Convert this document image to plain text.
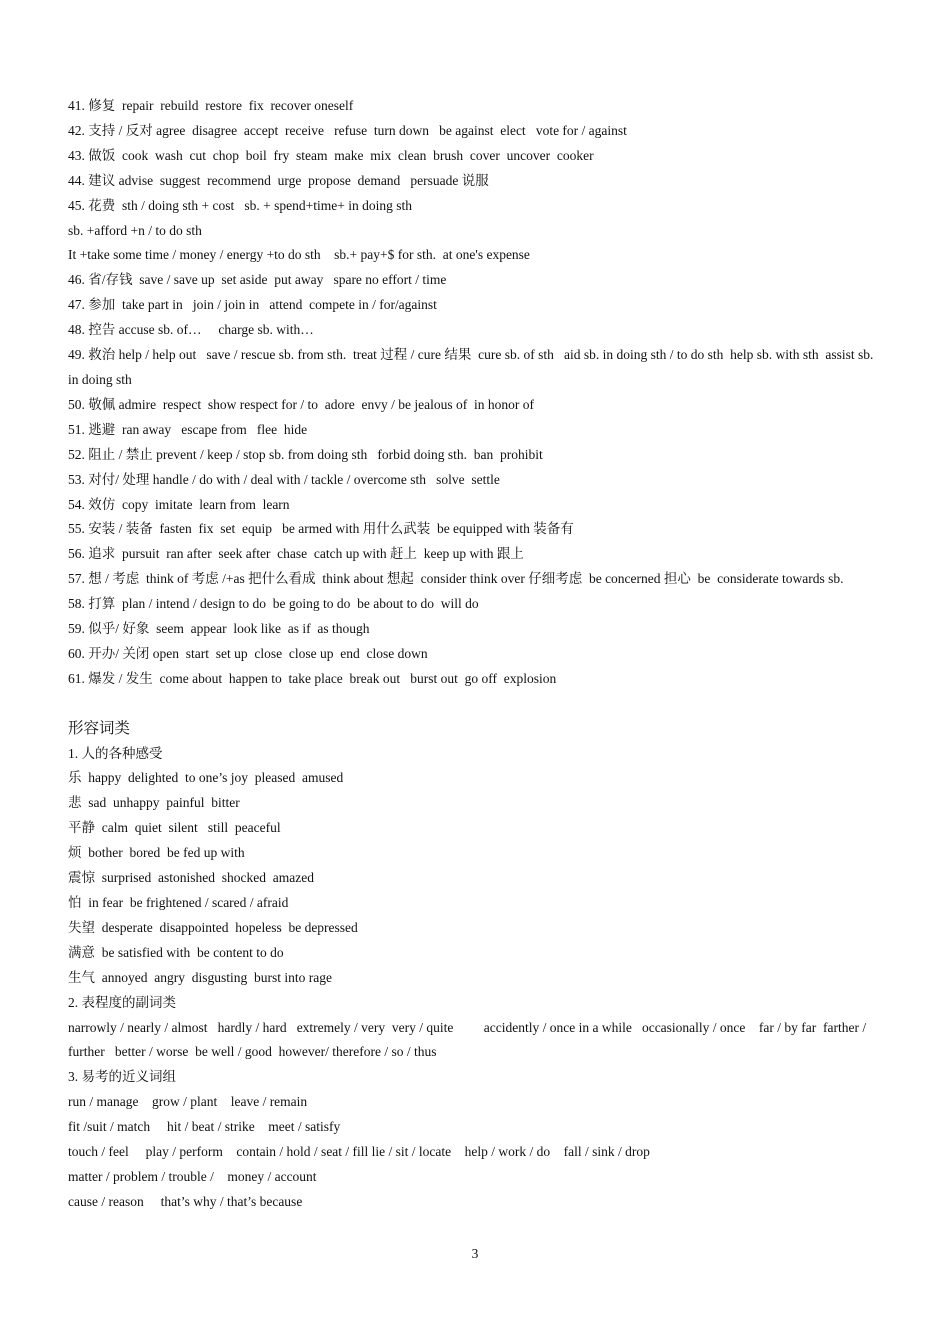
41. 修复  repair  rebuild  restore  fix  recover oneself
42. 支持 / 反对 agree  disagree  accept  receive   refuse  turn down   be against  elect   vote for / against
43. 做饭  cook  wash  cut  chop  boil  fry  steam  make  mix  clean  brush  cover  uncover  cooker
44. 建议 advise  suggest  recommend  urge  propose  demand   persuade 说服
45. 花费  sth / doing sth + cost   sb. + spend+time+ in doing sth
sb. +afford +n / to do sth
It +take some time / money / energy +to do sth    sb.+ pay+$ for sth.  at one's expense
46. 省/存钱  save / save up  set aside  put away   spare no effort / time
47. 参加  take part in   join / join in   attend  compete in / for/against
48. 控告 accuse sb. of…     charge sb. with…
49. 救治 help / help out   save / rescue sb. from sth.  treat 过程 / cure 结果  cure sb. of sth   aid sb. in doing sth / to do sth  help sb. with sth  assist sb. in doing sth
50. 敬佩 admire  respect  show respect for / to  adore  envy / be jealous of  in honor of
51. 逃避  ran away   escape from   flee  hide
52. 阻止 / 禁止 prevent / keep / stop sb. from doing sth   forbid doing sth.  ban  prohibit
53. 对付/ 处理 handle / do with / deal with / tackle / overcome sth   solve  settle
54. 效仿  copy  imitate  learn from  learn
55. 安装 / 装备  fasten  fix  set  equip   be armed with 用什么武装  be equipped with 装备有
56. 追求  pursuit  ran after  seek after  chase  catch up with 赶上  keep up with 跟上
57. 想 / 考虑  think of 考虑 /+as 把什么看成  think about 想起  consider think over 仔细考虑  be concerned 担心  be  considerate towards sb.
58. 打算  plan / intend / design to do  be going to do  be about to do  will do
59. 似乎/ 好象  seem  appear  look like  as if  as though
60. 开办/ 关闭 open  start  set up  close  close up  end  close down
61. 爆发 / 发生  come about  happen to  take place  break out   burst out  go off  explosion
形容词类
1. 人的各种感受
乐  happy  delighted  to one’s joy  pleased  amused
悲  sad  unhappy  painful  bitter
平静  calm  quiet  silent   still  peaceful
烦  bother  bored  be fed up with
震惊  surprised  astonished  shocked  amazed
怕  in fear  be frightened / scared / afraid
失望  desperate  disappointed  hopeless  be depressed
满意  be satisfied with  be content to do
生气  annoyed  angry  disgusting  burst into rage
2. 表程度的副词类
narrowly / nearly / almost   hardly / hard   extremely / very  very / quite         accidently / once in a while   occasionally / once    far / by far  farther / further   better / worse  be well / good  however/ therefore / so / thus
3. 易考的近义词组
run / manage    grow / plant    leave / remain
fit /suit / match     hit / beat / strike    meet / satisfy
touch / feel     play / perform    contain / hold / seat / fill lie / sit / locate    help / work / do    fall / sink / drop
matter / problem / trouble /    money / account
cause / reason     that’s why / that’s because
3
